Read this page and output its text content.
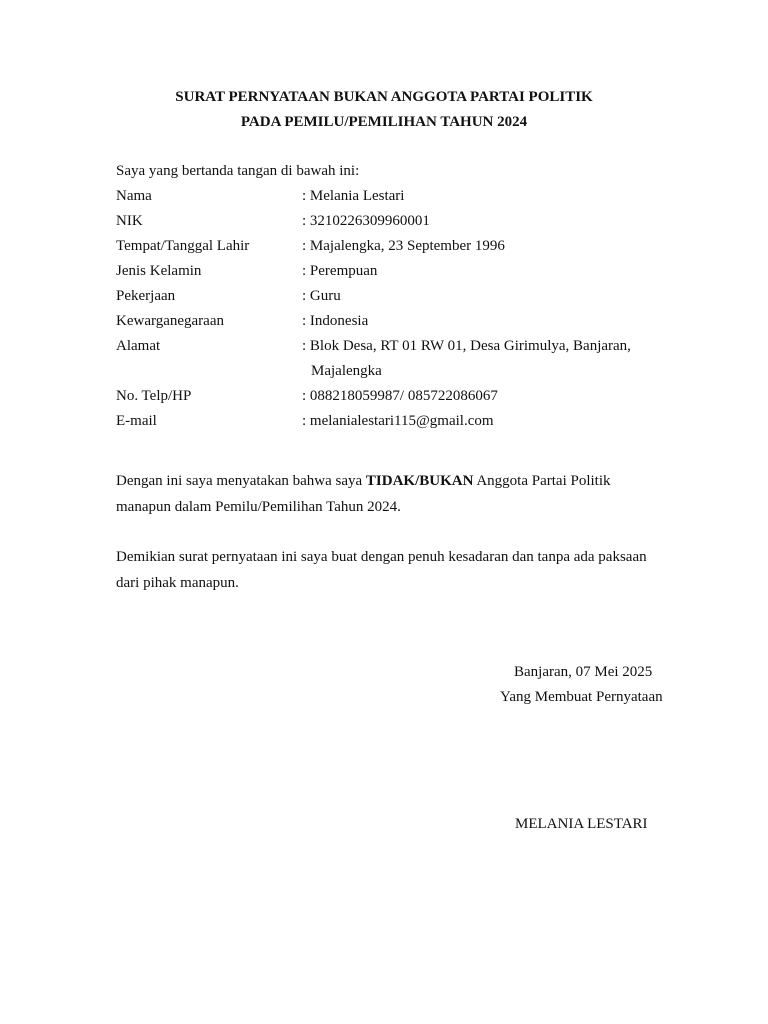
SURAT PERNYATAAN BUKAN ANGGOTA PARTAI POLITIK
PADA PEMILU/PEMILIHAN TAHUN 2024
Saya yang bertanda tangan di bawah ini:
Nama	: Melania Lestari
NIK	: 3210226309960001
Tempat/Tanggal Lahir	: Majalengka, 23 September 1996
Jenis Kelamin	: Perempuan
Pekerjaan	: Guru
Kewarganegaraan	: Indonesia
Alamat	: Blok Desa, RT 01 RW 01, Desa Girimulya, Banjaran,
Majalengka
No. Telp/HP	: 088218059987/ 085722086067
E-mail	: melanialestari115@gmail.com
Dengan ini saya menyatakan bahwa saya TIDAK/BUKAN Anggota Partai Politik manapun dalam Pemilu/Pemilihan Tahun 2024.
Demikian surat pernyataan ini saya buat dengan penuh kesadaran dan tanpa ada paksaan dari pihak manapun.
Banjaran, 07 Mei 2025
Yang Membuat Pernyataan
MELANIA LESTARI
